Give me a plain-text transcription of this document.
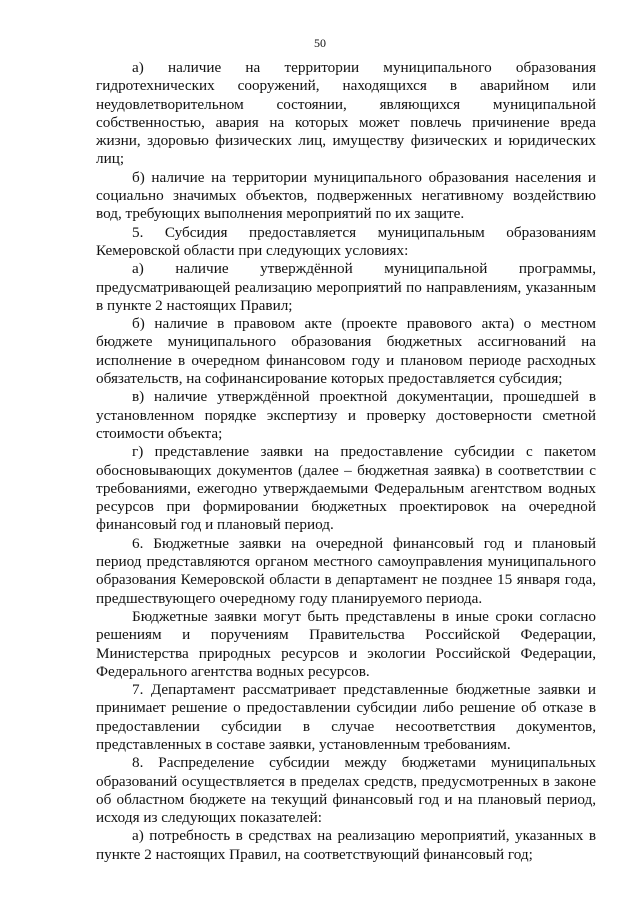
50

а) наличие на территории муниципального образования гидротехнических сооружений, находящихся в аварийном или неудовлетворительном состоянии, являющихся муниципальной собственностью, авария на которых может повлечь причинение вреда жизни, здоровью физических лиц, имуществу физических и юридических лиц;

б) наличие на территории муниципального образования населения и социально значимых объектов, подверженных негативному воздействию вод, требующих выполнения мероприятий по их защите.

5. Субсидия предоставляется муниципальным образованиям Кемеровской области при следующих условиях:

а) наличие утверждённой муниципальной программы, предусматривающей реализацию мероприятий по направлениям, указанным в пункте 2 настоящих Правил;

б) наличие в правовом акте (проекте правового акта) о местном бюджете муниципального образования бюджетных ассигнований на исполнение в очередном финансовом году и плановом периоде расходных обязательств, на софинансирование которых предоставляется субсидия;

в) наличие утверждённой проектной документации, прошедшей в установленном порядке экспертизу и проверку достоверности сметной стоимости объекта;

г) представление заявки на предоставление субсидии с пакетом обосновывающих документов (далее – бюджетная заявка) в соответствии с требованиями, ежегодно утверждаемыми Федеральным агентством водных ресурсов при формировании бюджетных проектировок на очередной финансовый год и плановый период.

6. Бюджетные заявки на очередной финансовый год и плановый период представляются органом местного самоуправления муниципального образования Кемеровской области в департамент не позднее 15 января года, предшествующего очередному году планируемого периода.

Бюджетные заявки могут быть представлены в иные сроки согласно решениям и поручениям Правительства Российской Федерации, Министерства природных ресурсов и экологии Российской Федерации, Федерального агентства водных ресурсов.

7. Департамент рассматривает представленные бюджетные заявки и принимает решение о предоставлении субсидии либо решение об отказе в предоставлении субсидии в случае несоответствия документов, представленных в составе заявки, установленным требованиям.

8. Распределение субсидии между бюджетами муниципальных образований осуществляется в пределах средств, предусмотренных в законе об областном бюджете на текущий финансовый год и на плановый период, исходя из следующих показателей:

а) потребность в средствах на реализацию мероприятий, указанных в пункте 2 настоящих Правил, на соответствующий финансовый год;
